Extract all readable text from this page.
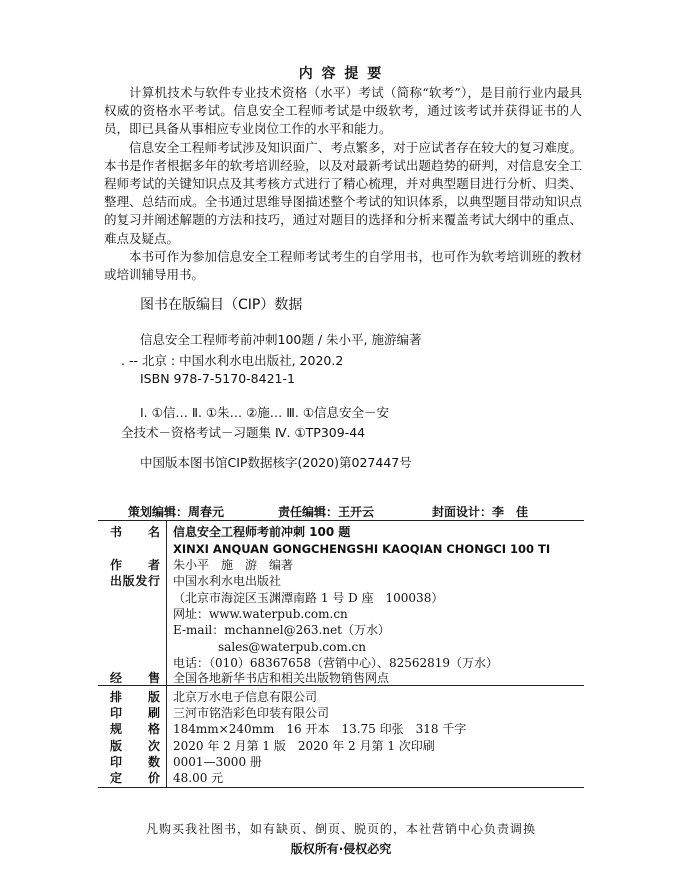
内 容 提 要

计算机技术与软件专业技术资格（水平）考试（简称“软考”），是目前行业内最具权威的资格水平考试。信息安全工程师考试是中级软考，通过该考试并获得证书的人员，即已具备从事相应专业岗位工作的水平和能力。

信息安全工程师考试涉及知识面广、考点繁多，对于应试者存在较大的复习难度。本书是作者根据多年的软考培训经验，以及对最新考试出题趋势的研判，对信息安全工程师考试的关键知识点及其考核方式进行了精心梳理，并对典型题目进行分析、归类、整理、总结而成。全书通过思维导图描述整个考试的知识体系，以典型题目带动知识点的复习并阐述解题的方法和技巧，通过对题目的选择和分析来覆盖考试大纲中的重点、难点及疑点。

本书可作为参加信息安全工程师考试考生的自学用书，也可作为软考培训班的教材或培训辅导用书。

图书在版编目（CIP）数据
信息安全工程师考前冲刺100题 / 朱小平, 施游编著
. -- 北京 : 中国水利水电出版社, 2020.2
ISBN 978-7-5170-8421-1
Ⅰ. ①信… Ⅱ. ①朱… ②施… Ⅲ. ①信息安全－安
全技术－资格考试－习题集 Ⅳ. ①TP309-44
中国版本图书馆CIP数据核字(2020)第027447号
策划编辑：周春元	责任编辑：王开云	封面设计：李　佳
书　名 信息安全工程师考前冲刺 100 题
XINXI ANQUAN GONGCHENGSHI KAOQIAN CHONGCI 100 TI
作　者 朱小平　施　游　编著
出版发行 中国水利水电出版社
（北京市海淀区玉渊潭南路 1 号 D 座　100038）
网址：www.waterpub.com.cn
E-mail：mchannel@263.net（万水）
sales@waterpub.com.cn
电话：（010）68367658（营销中心）、82562819（万水）
经　售 全国各地新华书店和相关出版物销售网点
排　版 北京万水电子信息有限公司
印　刷 三河市铭浩彩色印装有限公司
规　格 184mm×240mm　16 开本　13.75 印张　318 千字
版　次 2020 年 2 月第 1 版　2020 年 2 月第 1 次印刷
印　数 0001—3000 册
定　价 48.00 元
凡购买我社图书，如有缺页、倒页、脱页的，本社营销中心负责调换
版权所有·侵权必究
